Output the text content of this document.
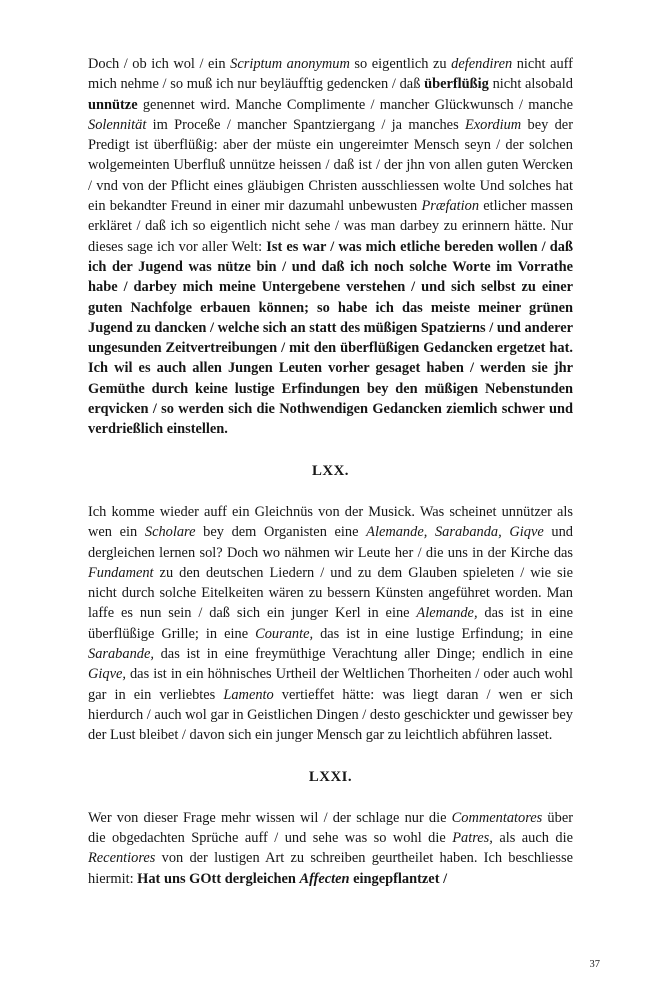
Doch / ob ich wol / ein Scriptum anonymum so eigentlich zu defendiren nicht auff mich nehme / so muß ich nur beyläufftig gedencken / daß überflüßig nicht alsobald unnütze genennet wird. Manche Complimente / mancher Glückwunsch / manche Solennität im Proceße / mancher Spantziergang / ja manches Exordium bey der Predigt ist überflüßig: aber der müste ein ungereimter Mensch seyn / der solchen wolgemeinten Uberfluß unnütze heissen / daß ist / der jhn von allen guten Wercken / vnd von der Pflicht eines gläubigen Christen ausschliessen wolte Und solches hat ein bekandter Freund in einer mir dazumahl unbewusten Præfation etlicher massen erkläret / daß ich so eigentlich nicht sehe / was man darbey zu erinnern hätte. Nur dieses sage ich vor aller Welt: Ist es war / was mich etliche bereden wollen / daß ich der Jugend was nütze bin / und daß ich noch solche Worte im Vorrathe habe / darbey mich meine Untergebene verstehen / und sich selbst zu einer guten Nachfolge erbauen können; so habe ich das meiste meiner grünen Jugend zu dancken / welche sich an statt des müßigen Spatzierns / und anderer ungesunden Zeitvertreibungen / mit den überflüßigen Gedancken ergetzet hat. Ich wil es auch allen Jungen Leuten vorher gesaget haben / werden sie jhr Gemüthe durch keine lustige Erfindungen bey den müßigen Nebenstunden erqvicken / so werden sich die Nothwendigen Gedancken ziemlich schwer und verdrießlich einstellen.

LXX.

Ich komme wieder auff ein Gleichnüs von der Musick. Was scheinet unnützer als wen ein Scholare bey dem Organisten eine Alemande, Sarabanda, Giqve und dergleichen lernen sol? Doch wo nähmen wir Leute her / die uns in der Kirche das Fundament zu den deutschen Liedern / und zu dem Glauben spieleten / wie sie nicht durch solche Eitelkeiten wären zu bessern Künsten angeführet worden. Man laffe es nun sein / daß sich ein junger Kerl in eine Alemande, das ist in eine überflüßige Grille; in eine Courante, das ist in eine lustige Erfindung; in eine Sarabande, das ist in eine freymüthige Verachtung aller Dinge; endlich in eine Giqve, das ist in ein höhnisches Urtheil der Weltlichen Thorheiten / oder auch wohl gar in ein verliebtes Lamento vertieffet hätte: was liegt daran / wen er sich hierdurch / auch wol gar in Geistlichen Dingen / desto geschickter und gewisser bey der Lust bleibet / davon sich ein junger Mensch gar zu leichtlich abführen lasset.

LXXI.

Wer von dieser Frage mehr wissen wil / der schlage nur die Commentatores über die obgedachten Sprüche auff / und sehe was so wohl die Patres, als auch die Recentiores von der lustigen Art zu schreiben geurtheilet haben. Ich beschliesse hiermit: Hat uns GOtt dergleichen Affecten eingepflantzet /

37
